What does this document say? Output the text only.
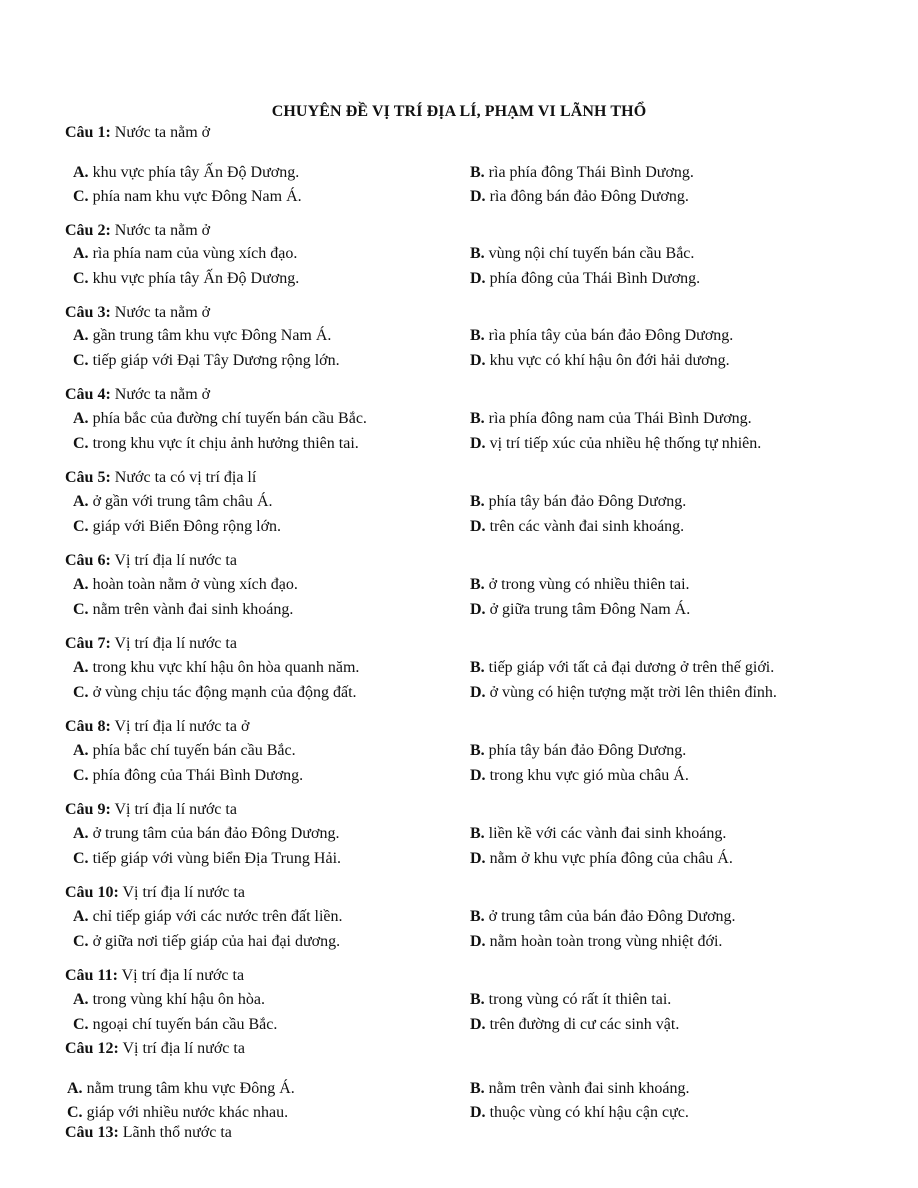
CHUYÊN ĐỀ VỊ TRÍ ĐỊA LÍ, PHẠM VI LÃNH THỔ
Câu 1: Nước ta nằm ở
A. khu vực phía tây Ấn Độ Dương.	B. rìa phía đông Thái Bình Dương.
C. phía nam khu vực Đông Nam Á.	D. rìa đông bán đảo Đông Dương.
Câu 2: Nước ta nằm ở
A. rìa phía nam của vùng xích đạo.	B. vùng nội chí tuyến bán cầu Bắc.
C. khu vực phía tây Ấn Độ Dương.	D. phía đông của Thái Bình Dương.
Câu 3: Nước ta nằm ở
A. gần trung tâm khu vực Đông Nam Á.	B. rìa phía tây của bán đảo Đông Dương.
C. tiếp giáp với Đại Tây Dương rộng lớn.	D. khu vực có khí hậu ôn đới hải dương.
Câu 4: Nước ta nằm ở
A. phía bắc của đường chí tuyến bán cầu Bắc.	B. rìa phía đông nam của Thái Bình Dương.
C. trong khu vực ít chịu ảnh hưởng thiên tai.	D. vị trí tiếp xúc của nhiều hệ thống tự nhiên.
Câu 5: Nước ta có vị trí địa lí
A. ở gần với trung tâm châu Á.	B. phía tây bán đảo Đông Dương.
C. giáp với Biển Đông rộng lớn.	D. trên các vành đai sinh khoáng.
Câu 6: Vị trí địa lí nước ta
A. hoàn toàn nằm ở vùng xích đạo.	B. ở trong vùng có nhiều thiên tai.
C. nằm trên vành đai sinh khoáng.	D. ở giữa trung tâm Đông Nam Á.
Câu 7: Vị trí địa lí nước ta
A. trong khu vực khí hậu ôn hòa quanh năm.	B. tiếp giáp với tất cả đại dương ở trên thế giới.
C. ở vùng chịu tác động mạnh của động đất.	D. ở vùng có hiện tượng mặt trời lên thiên đỉnh.
Câu 8: Vị trí địa lí nước ta ở
A. phía bắc chí tuyến bán cầu Bắc.	B. phía tây bán đảo Đông Dương.
C. phía đông của Thái Bình Dương.	D. trong khu vực gió mùa châu Á.
Câu 9: Vị trí địa lí nước ta
A. ở trung tâm của bán đảo Đông Dương.	B. liền kề với các vành đai sinh khoáng.
C. tiếp giáp với vùng biển Địa Trung Hải.	D. nằm ở khu vực phía đông của châu Á.
Câu 10: Vị trí địa lí nước ta
A. chỉ tiếp giáp với các nước trên đất liền.	B. ở trung tâm của bán đảo Đông Dương.
C. ở giữa nơi tiếp giáp của hai đại dương.	D. nằm hoàn toàn trong vùng nhiệt đới.
Câu 11: Vị trí địa lí nước ta
A. trong vùng khí hậu ôn hòa.	B. trong vùng có rất ít thiên tai.
C. ngoại chí tuyến bán cầu Bắc.	D. trên đường di cư các sinh vật.
Câu 12: Vị trí địa lí nước ta
A. nằm trung tâm khu vực Đông Á.	B. nằm trên vành đai sinh khoáng.
C. giáp với nhiều nước khác nhau.	D. thuộc vùng có khí hậu cận cực.
Câu 13: Lãnh thổ nước ta
